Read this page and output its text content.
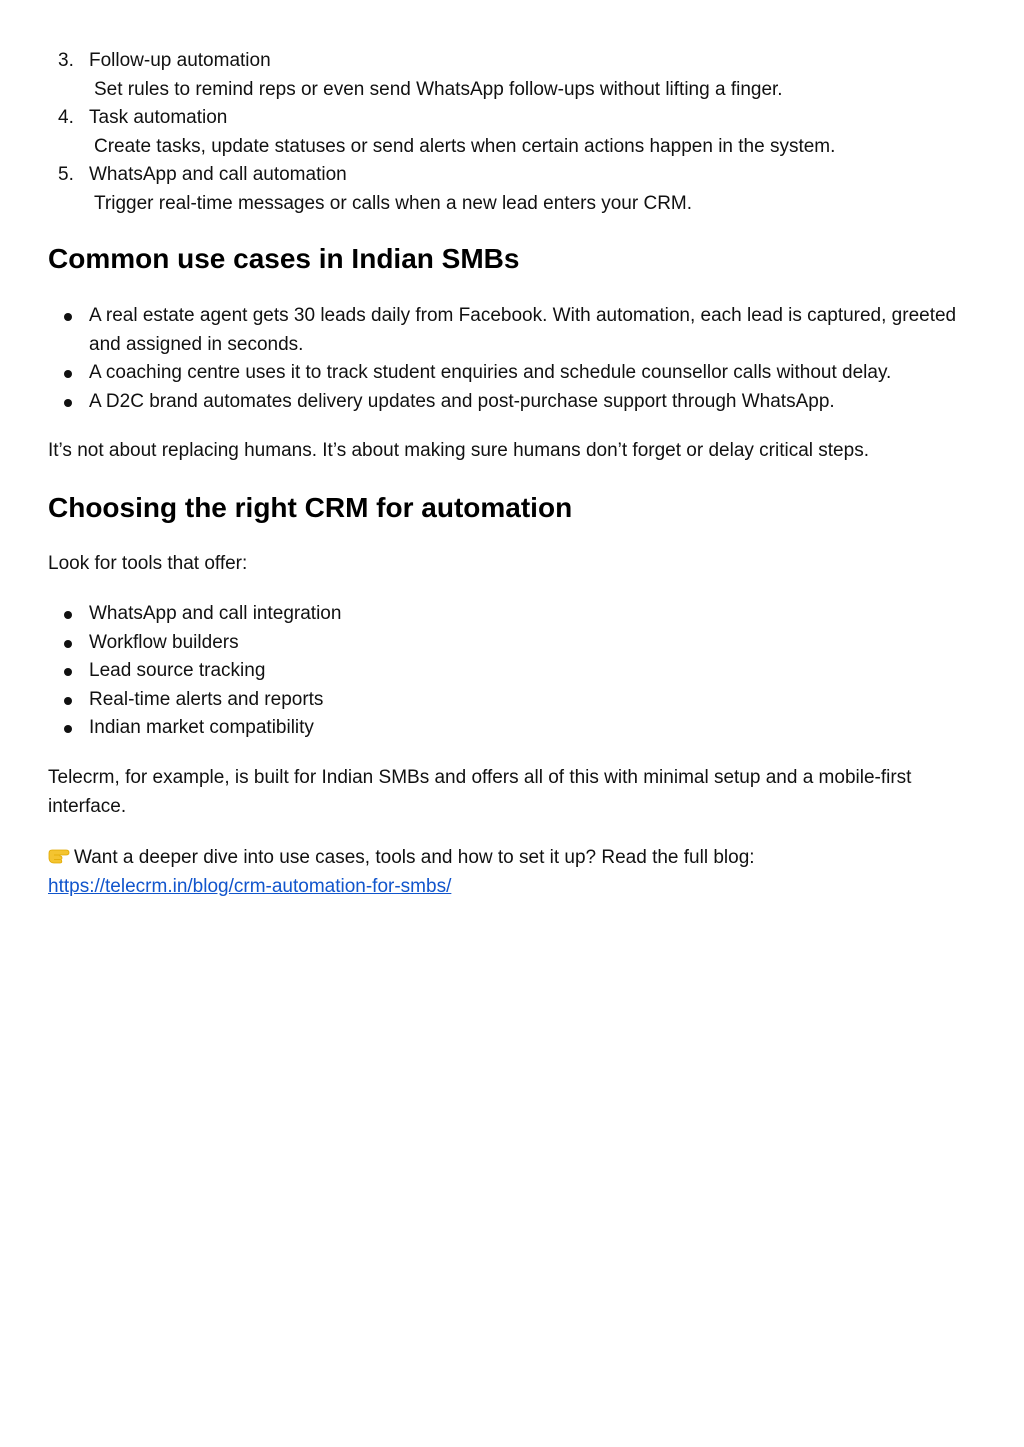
3. Follow-up automation
Set rules to remind reps or even send WhatsApp follow-ups without lifting a finger.
4. Task automation
Create tasks, update statuses or send alerts when certain actions happen in the system.
5. WhatsApp and call automation
Trigger real-time messages or calls when a new lead enters your CRM.
Common use cases in Indian SMBs
A real estate agent gets 30 leads daily from Facebook. With automation, each lead is captured, greeted and assigned in seconds.
A coaching centre uses it to track student enquiries and schedule counsellor calls without delay.
A D2C brand automates delivery updates and post-purchase support through WhatsApp.

It’s not about replacing humans. It’s about making sure humans don’t forget or delay critical steps.

Choosing the right CRM for automation

Look for tools that offer:

WhatsApp and call integration
Workflow builders
Lead source tracking
Real-time alerts and reports
Indian market compatibility

Telecrm, for example, is built for Indian SMBs and offers all of this with minimal setup and a mobile-first interface.

Want a deeper dive into use cases, tools and how to set it up? Read the full blog:
https://telecrm.in/blog/crm-automation-for-smbs/
